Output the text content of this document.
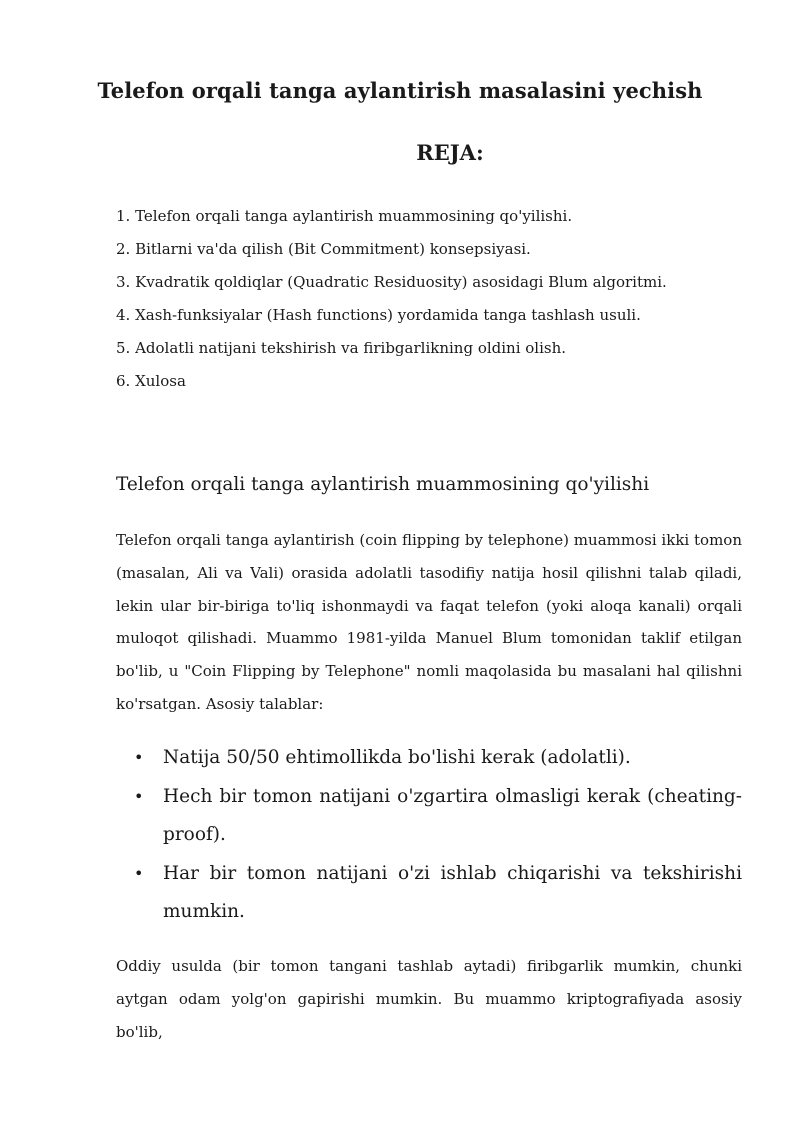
Telefon orqali tanga aylantirish masalasini yechish
REJA:
1. Telefon orqali tanga aylantirish muammosining qo'yilishi.
2. Bitlarni va'da qilish (Bit Commitment) konsepsiyasi.
3. Kvadratik qoldiqlar (Quadratic Residuosity) asosidagi Blum algoritmi.
4. Xash-funksiyalar (Hash functions) yordamida tanga tashlash usuli.
5. Adolatli natijani tekshirish va firibgarlikning oldini olish.
6. Xulosa
Telefon orqali tanga aylantirish muammosining qo'yilishi

Telefon orqali tanga aylantirish (coin flipping by telephone) muammosi ikki tomon (masalan, Ali va Vali) orasida adolatli tasodifiy natija hosil qilishni talab qiladi, lekin ular bir-biriga to'liq ishonmaydi va faqat telefon (yoki aloqa kanali) orqali muloqot qilishadi. Muammo 1981-yilda Manuel Blum tomonidan taklif etilgan bo'lib, u "Coin Flipping by Telephone" nomli maqolasida bu masalani hal qilishni ko'rsatgan. Asosiy talablar:

• Natija 50/50 ehtimollikda bo'lishi kerak (adolatli).
• Hech bir tomon natijani o'zgartira olmasligi kerak (cheating-proof).
• Har bir tomon natijani o'zi ishlab chiqarishi va tekshirishi mumkin.

Oddiy usulda (bir tomon tangani tashlab aytadi) firibgarlik mumkin, chunki aytgan odam yolg'on gapirishi mumkin. Bu muammo kriptografiyada asosiy bo'lib,
